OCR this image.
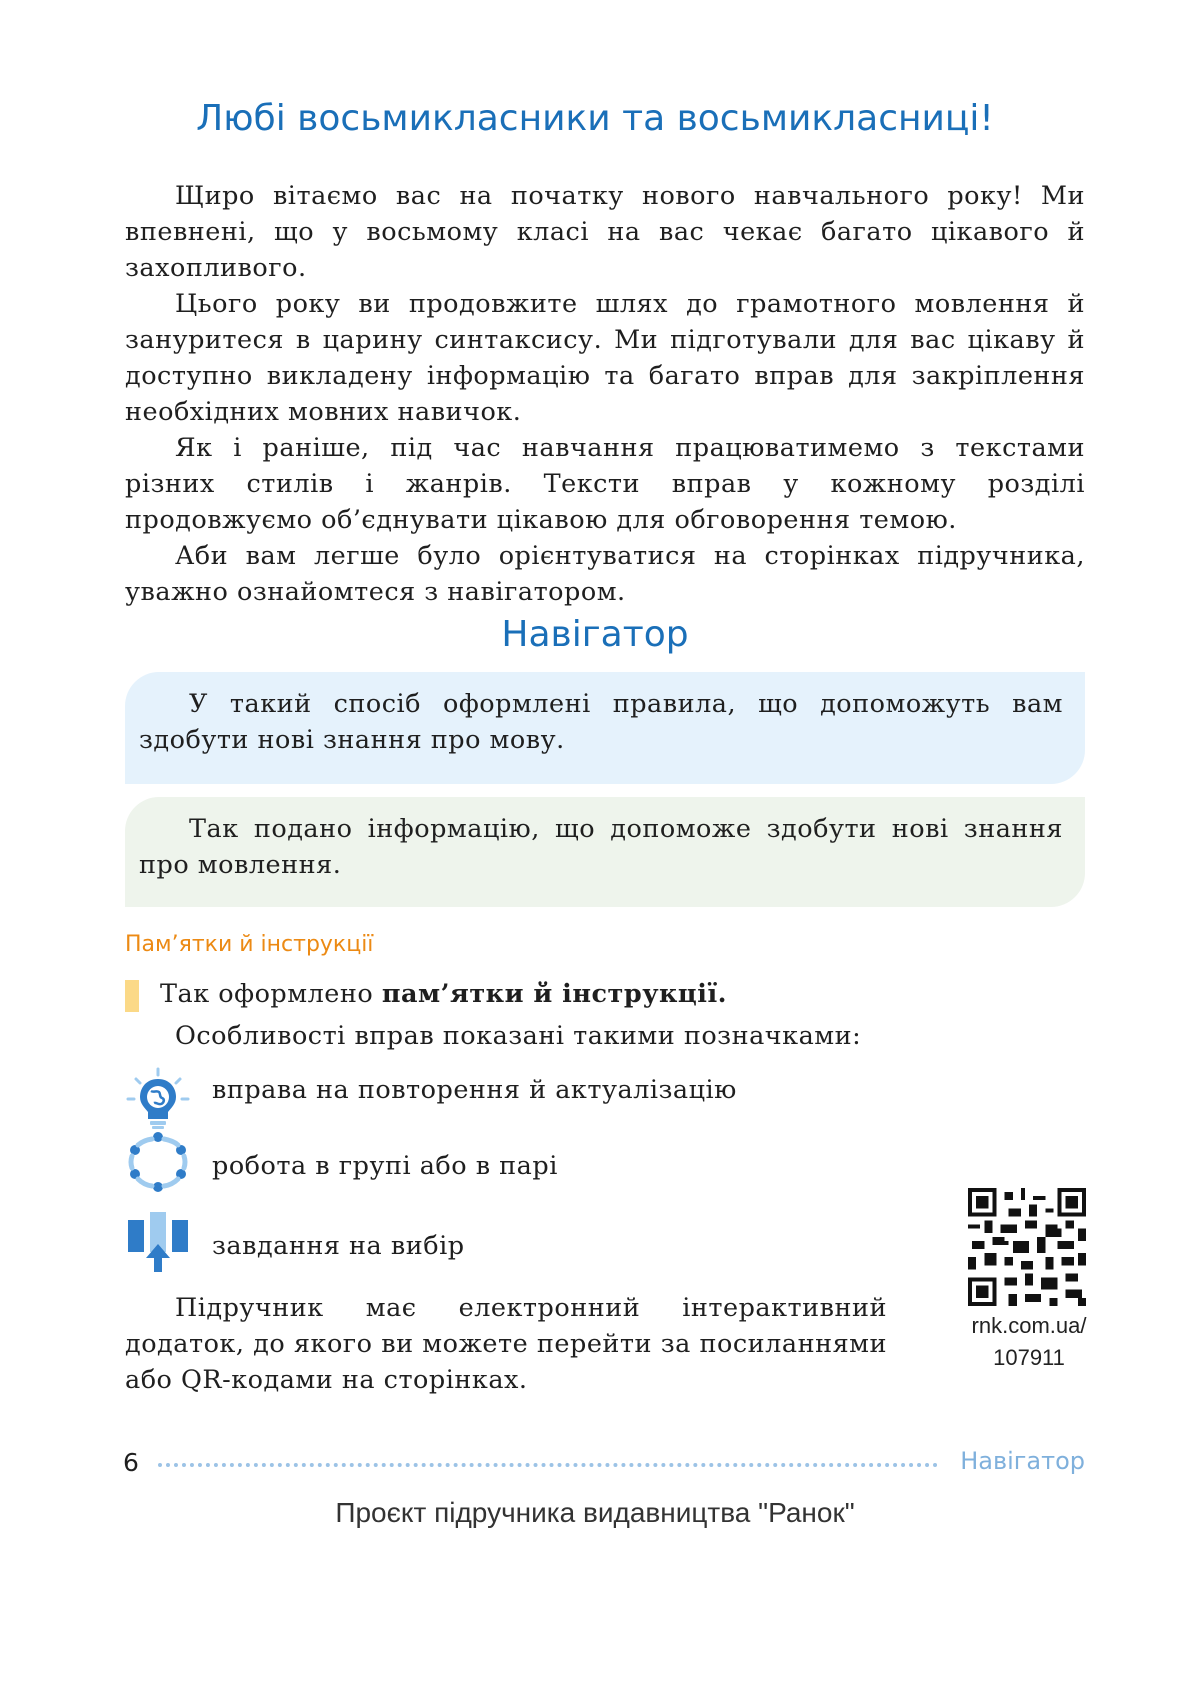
Любі восьмикласники та восьмикласниці!

Щиро вітаємо вас на початку нового навчального року! Ми впевнені, що у восьмому класі на вас чекає багато цікавого й захопливого.

Цього року ви продовжите шлях до грамотного мовлення й зануритеся в царину синтаксису. Ми підготували для вас цікаву й доступно викладену інформацію та багато вправ для закріплення необхідних мовних навичок.

Як і раніше, під час навчання працюватимемо з текстами різних стилів і жанрів. Тексти вправ у кожному розділі продовжуємо об’єднувати цікавою для обговорення темою.

Аби вам легше було орієнтуватися на сторінках підручника, уважно ознайомтеся з навігатором.

Навігатор

У такий спосіб оформлені правила, що допоможуть вам здобути нові знання про мову.

Так подано інформацію, що допоможе здобути нові знання про мовлення.

Пам’ятки й інструкції
Так оформлено пам’ятки й інструкції.
Особливості вправ показані такими позначками:
вправа на повторення й актуалізацію
робота в групі або в парі
завдання на вибір

Підручник має електронний інтерактивний додаток, до якого ви можете перейти за посиланнями або QR-кодами на сторінках.

rnk.com.ua/
107911
6	Навігатор
Проєкт підручника видавництва "Ранок"
